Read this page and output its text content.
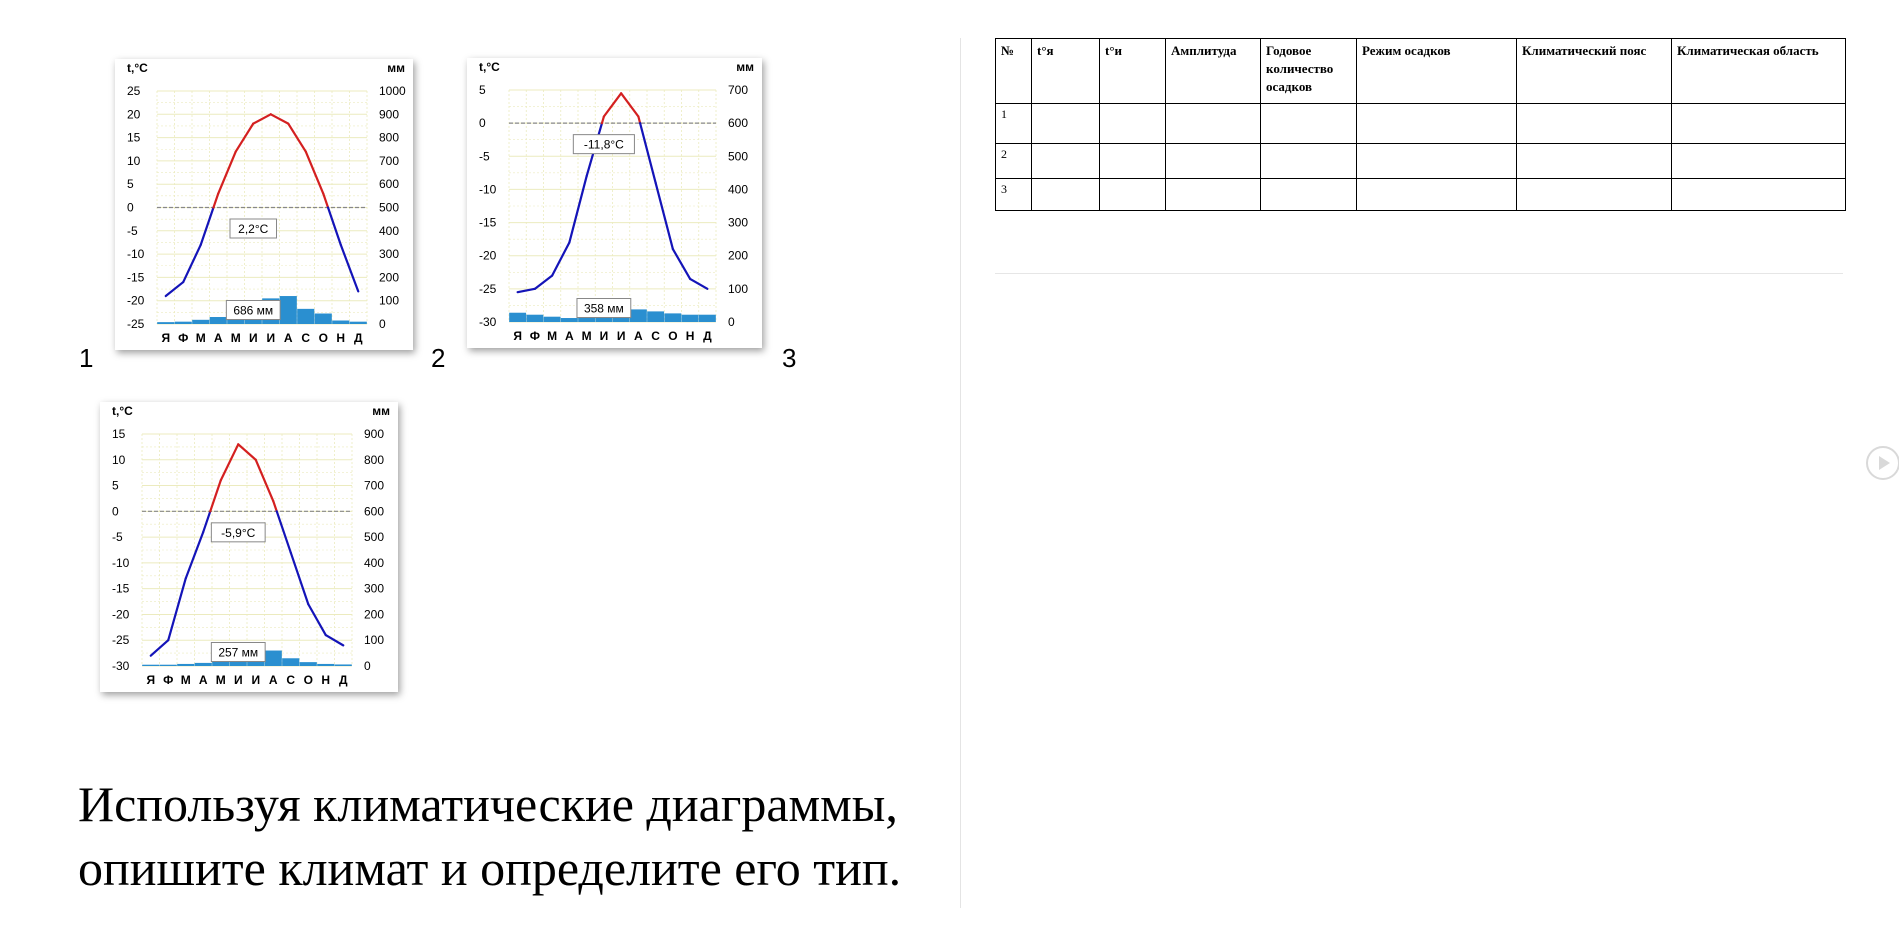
25
20
15
10
5
0
-5
-10
-15
-20
-25
1000
900
800
700
600
500
400
300
200
100
0
Я Ф М А М И И А С О Н Д
t,°C	мм
2,2°C
686 мм
5
0
-5
-10
-15
-20
-25
-30
700
600
500
400
300
200
100
0
Я Ф М А М И И А С О Н Д
t,°C	мм
-11,8°C
358 мм
15
10
5
0
-5
-10
-15
-20
-25
-30
900
800
700
600
500
400
300
200
100
0
Я Ф М А М И И А С О Н Д
t,°C	мм
-5,9°C
257 мм
1	2	3

Используя климатические диаграммы, опишите климат и определите его тип.

№	t°я	t°и	Амплитуда	Годовое количество осадков	Режим осадков	Климатический пояс	Климатическая область
1							
2							
3							
